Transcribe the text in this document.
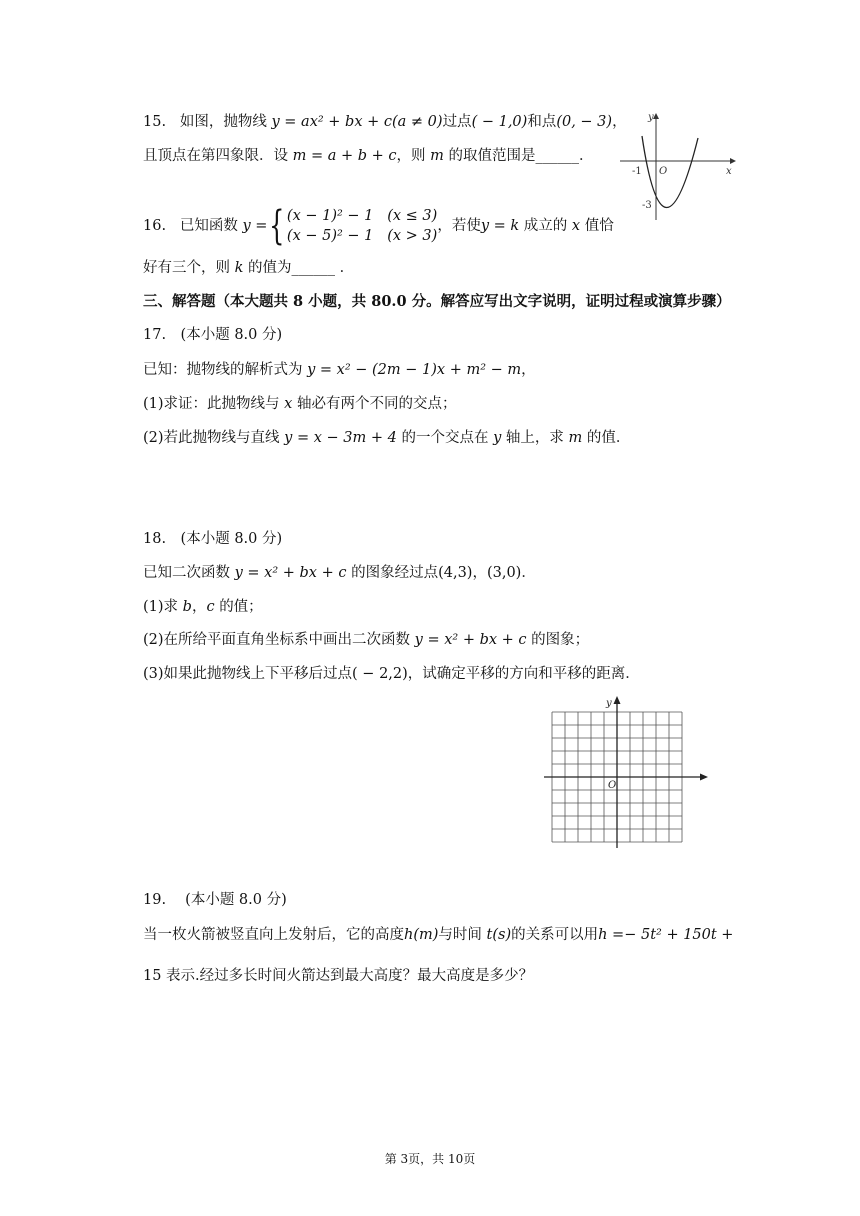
15. 如图，抛物线 y = ax² + bx + c(a ≠ 0)过点( − 1,0)和点(0, − 3)，
且顶点在第四象限．设 m = a + b + c，则 m 的取值范围是______．
y
x
O
-1
-3
16. 已知函数 y ={ (x − 1)² − 1 (x ≤ 3)
(x − 5)² − 1 (x > 3)，若使y = k 成立的 x 值恰
好有三个，则 k 的值为______ ．
三、解答题（本大题共 8 小题，共 80.0 分。解答应写出文字说明，证明过程或演算步骤）
17.　(本小题 8.0 分)
已知：抛物线的解析式为 y = x² − (2m − 1)x + m² − m，
(1)求证：此抛物线与 x 轴必有两个不同的交点；
(2)若此抛物线与直线 y = x − 3m + 4 的一个交点在 y 轴上，求 m 的值．
18.　(本小题 8.0 分)
已知二次函数 y = x² + bx + c 的图象经过点(4,3)，(3,0)．
(1)求 b，c 的值；
(2)在所给平面直角坐标系中画出二次函数 y = x² + bx + c 的图象；
(3)如果此抛物线上下平移后过点( − 2,2)，试确定平移的方向和平移的距离．
y
O
19.　 (本小题 8.0 分)
当一枚火箭被竖直向上发射后，它的高度h(m)与时间 t(s)的关系可以用h =− 5t² + 150t +
15 表示.经过多长时间火箭达到最大高度？最大高度是多少？
第 3页，共 10页
